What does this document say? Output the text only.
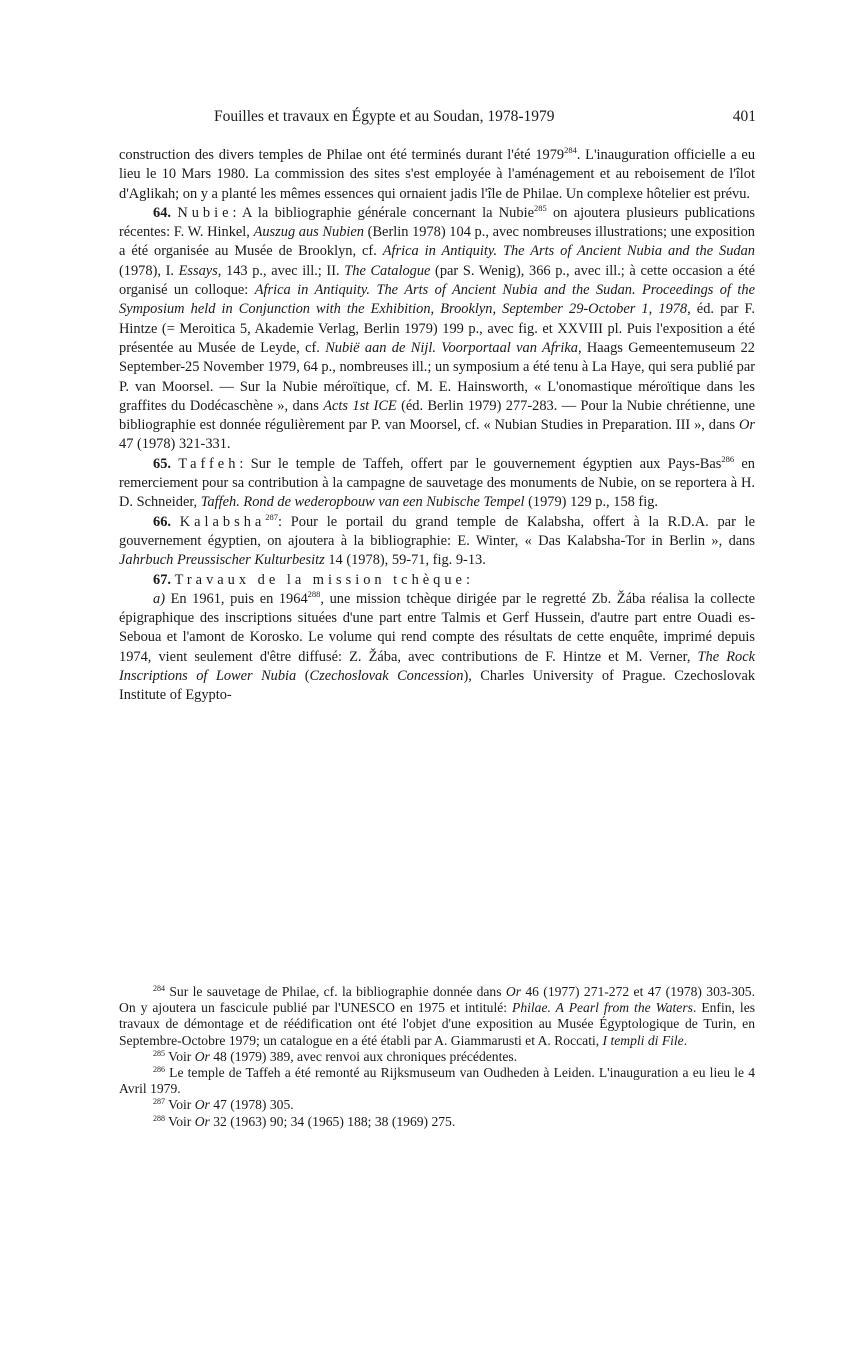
Fouilles et travaux en Égypte et au Soudan, 1978-1979	401

construction des divers temples de Philae ont été terminés durant l'été 1979$^{284}$. L'inauguration officielle a eu lieu le 10 Mars 1980. La commission des sites s'est employée à l'aménagement et au reboisement de l'îlot d'Aglikah; on y a planté les mêmes essences qui ornaient jadis l'île de Philae. Un complexe hôtelier est prévu.

64. Nubie: A la bibliographie générale concernant la Nubie$^{285}$ on ajoutera plusieurs publications récentes: F. W. Hinkel, Auszug aus Nubien (Berlin 1978) 104 p., avec nombreuses illustrations; une exposition a été organisée au Musée de Brooklyn, cf. Africa in Antiquity. The Arts of Ancient Nubia and the Sudan (1978), I. Essays, 143 p., avec ill.; II. The Catalogue (par S. Wenig), 366 p., avec ill.; à cette occasion a été organisé un colloque: Africa in Antiquity. The Arts of Ancient Nubia and the Sudan. Proceedings of the Symposium held in Conjunction with the Exhibition, Brooklyn, September 29-October 1, 1978, éd. par F. Hintze (= Meroitica 5, Akademie Verlag, Berlin 1979) 199 p., avec fig. et XXVIII pl. Puis l'exposition a été présentée au Musée de Leyde, cf. Nubië aan de Nijl. Voorportaal van Afrika, Haags Gemeentemuseum 22 September-25 November 1979, 64 p., nombreuses ill.; un symposium a été tenu à La Haye, qui sera publié par P. van Moorsel. — Sur la Nubie méroïtique, cf. M. E. Hainsworth, « L'onomastique méroïtique dans les graffites du Dodécaschène », dans Acts 1st ICE (éd. Berlin 1979) 277-283. — Pour la Nubie chrétienne, une bibliographie est donnée régulièrement par P. van Moorsel, cf. « Nubian Studies in Preparation. III », dans Or 47 (1978) 321-331.

65. Taffeh: Sur le temple de Taffeh, offert par le gouvernement égyptien aux Pays-Bas$^{286}$ en remerciement pour sa contribution à la campagne de sauvetage des monuments de Nubie, on se reportera à H. D. Schneider, Taffeh. Rond de wederopbouw van een Nubische Tempel (1979) 129 p., 158 fig.

66. Kalabsha$^{287}$: Pour le portail du grand temple de Kalabsha, offert à la R.D.A. par le gouvernement égyptien, on ajoutera à la bibliographie: E. Winter, « Das Kalabsha-Tor in Berlin », dans Jahrbuch Preussischer Kulturbesitz 14 (1978), 59-71, fig. 9-13.

67. Travaux de la mission tchèque:

a) En 1961, puis en 1964$^{288}$, une mission tchèque dirigée par le regretté Zb. Žába réalisa la collecte épigraphique des inscriptions situées d'une part entre Talmis et Gerf Hussein, d'autre part entre Ouadi es-Seboua et l'amont de Korosko. Le volume qui rend compte des résultats de cette enquête, imprimé depuis 1974, vient seulement d'être diffusé: Z. Žába, avec contributions de F. Hintze et M. Verner, The Rock Inscriptions of Lower Nubia (Czechoslovak Concession), Charles University of Prague. Czechoslovak Institute of Egypto-

$^{284}$ Sur le sauvetage de Philae, cf. la bibliographie donnée dans Or 46 (1977) 271-272 et 47 (1978) 303-305. On y ajoutera un fascicule publié par l'UNESCO en 1975 et intitulé: Philae. A Pearl from the Waters. Enfin, les travaux de démontage et de réédification ont été l'objet d'une exposition au Musée Égyptologique de Turin, en Septembre-Octobre 1979; un catalogue en a été établi par A. Giammarusti et A. Roccati, I templi di File.

$^{285}$ Voir Or 48 (1979) 389, avec renvoi aux chroniques précédentes.

$^{286}$ Le temple de Taffeh a été remonté au Rijksmuseum van Oudheden à Leiden. L'inauguration a eu lieu le 4 Avril 1979.

$^{287}$ Voir Or 47 (1978) 305.

$^{288}$ Voir Or 32 (1963) 90; 34 (1965) 188; 38 (1969) 275.
